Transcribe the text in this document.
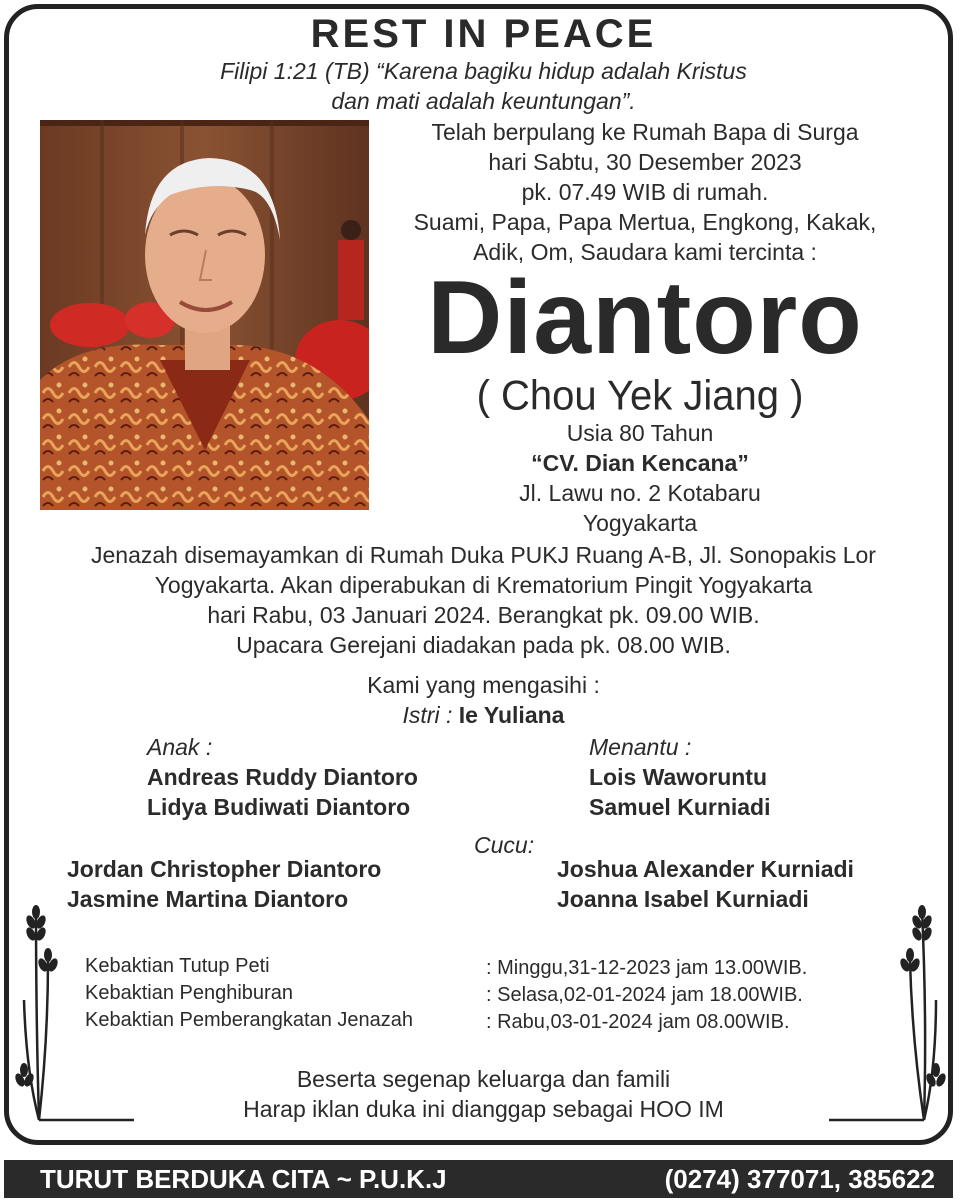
REST IN PEACE
Filipi 1:21 (TB) “Karena bagiku hidup adalah Kristus
dan mati adalah keuntungan”.
Telah berpulang ke Rumah Bapa di Surga
hari Sabtu, 30 Desember 2023
pk. 07.49 WIB di rumah.
Suami, Papa, Papa Mertua, Engkong, Kakak,
Adik, Om, Saudara kami tercinta :
Diantoro
( Chou Yek Jiang )
Usia 80 Tahun
“CV. Dian Kencana”
Jl. Lawu no. 2 Kotabaru
Yogyakarta
Jenazah disemayamkan di Rumah Duka PUKJ Ruang A-B, Jl. Sonopakis Lor
Yogyakarta. Akan diperabukan di Krematorium Pingit Yogyakarta
hari Rabu, 03 Januari 2024. Berangkat pk. 09.00 WIB.
Upacara Gerejani diadakan pada pk. 08.00 WIB.
Kami yang mengasihi :
Istri : Ie Yuliana
Anak :
Andreas Ruddy Diantoro
Lidya Budiwati Diantoro
Menantu :
Lois Waworuntu
Samuel Kurniadi
Cucu:
Jordan Christopher Diantoro
Jasmine Martina Diantoro
Joshua Alexander Kurniadi
Joanna Isabel Kurniadi
Kebaktian Tutup Peti
Kebaktian Penghiburan
Kebaktian Pemberangkatan Jenazah
: Minggu,31-12-2023 jam 13.00WIB.
: Selasa,02-01-2024 jam 18.00WIB.
: Rabu,03-01-2024 jam 08.00WIB.
Beserta segenap keluarga dan famili
Harap iklan duka ini dianggap sebagai HOO IM
TURUT BERDUKA CITA ~ P.U.K.J	(0274) 377071, 385622
